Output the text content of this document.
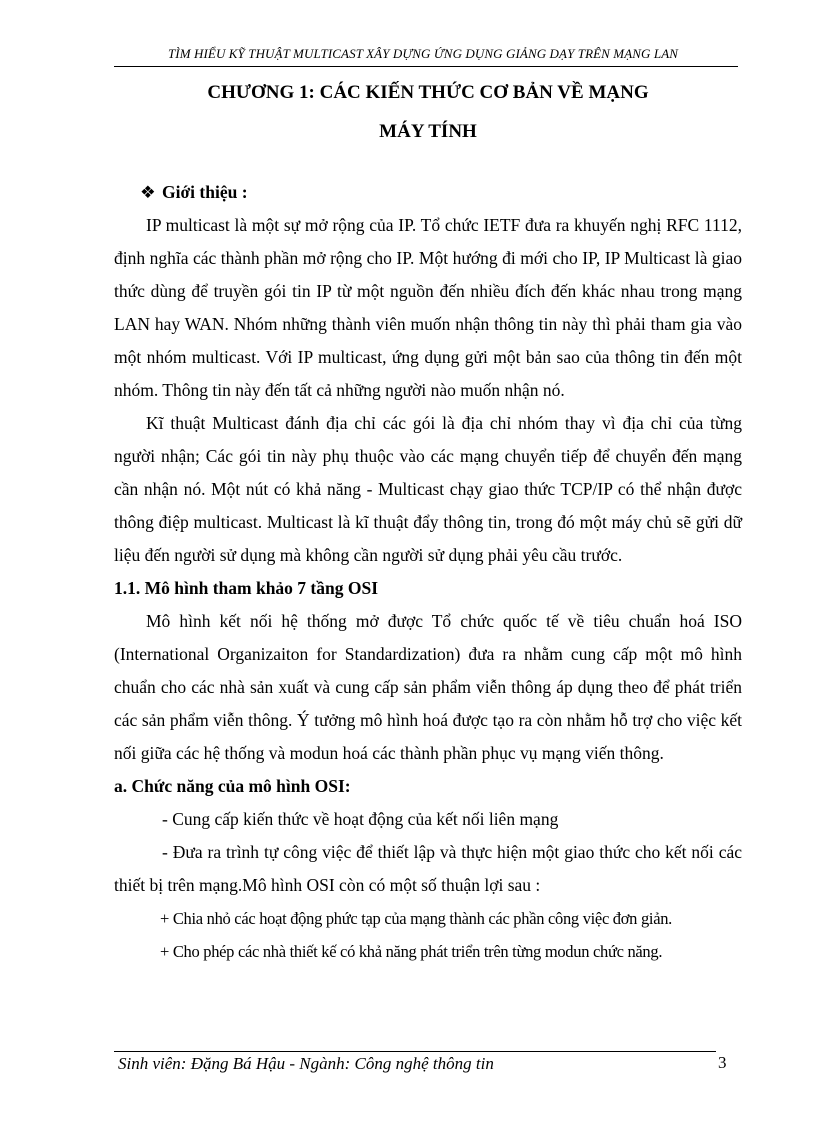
TÌM HIỂU KỸ THUẬT MULTICAST XÂY DỰNG ỨNG DỤNG GIẢNG DẠY TRÊN MẠNG LAN
CHƯƠNG 1: CÁC KIẾN THỨC CƠ BẢN VỀ MẠNG
MÁY TÍNH
❖ Giới thiệu :

IP multicast là một sự mở rộng của IP. Tổ chức IETF đưa ra khuyến nghị RFC 1112, định nghĩa các thành phần mở rộng cho IP. Một hướng đi mới cho IP, IP Multicast là giao thức dùng để truyền gói tin IP từ một nguồn đến nhiều đích đến khác nhau trong mạng LAN hay WAN. Nhóm những thành viên muốn nhận thông tin này thì phải tham gia vào một nhóm multicast. Với IP multicast, ứng dụng gửi một bản sao của thông tin đến một nhóm. Thông tin này đến tất cả những người nào muốn nhận nó.

Kĩ thuật Multicast đánh địa chỉ các gói là địa chỉ nhóm thay vì địa chỉ của từng người nhận; Các gói tin này phụ thuộc vào các mạng chuyển tiếp để chuyển đến mạng cần nhận nó. Một nút có khả năng - Multicast chạy giao thức TCP/IP có thể nhận được thông điệp multicast. Multicast là kĩ thuật đẩy thông tin, trong đó một máy chủ sẽ gửi dữ liệu đến người sử dụng mà không cần người sử dụng phải yêu cầu trước.

1.1. Mô hình tham khảo 7 tầng OSI

Mô hình kết nối hệ thống mở được Tổ chức quốc tế về tiêu chuẩn hoá ISO (International Organizaiton for Standardization) đưa ra nhằm cung cấp một mô hình chuẩn cho các nhà sản xuất và cung cấp sản phẩm viễn thông áp dụng theo để phát triển các sản phẩm viễn thông. Ý tưởng mô hình hoá được tạo ra còn nhằm hỗ trợ cho việc kết nối giữa các hệ thống và modun hoá các thành phần phục vụ mạng viến thông.

a. Chức năng của mô hình OSI:

- Cung cấp kiến thức về hoạt động của kết nối liên mạng

- Đưa ra trình tự công việc để thiết lập và thực hiện một giao thức cho kết nối các thiết bị trên mạng.Mô hình OSI còn có một số thuận lợi sau :

+ Chia nhỏ các hoạt động phức tạp của mạng thành các phần công việc đơn giản.

+ Cho phép các nhà thiết kế có khả năng phát triển trên từng modun chức năng.

Sinh viên: Đặng Bá Hậu - Ngành: Công nghệ thông tin	3
